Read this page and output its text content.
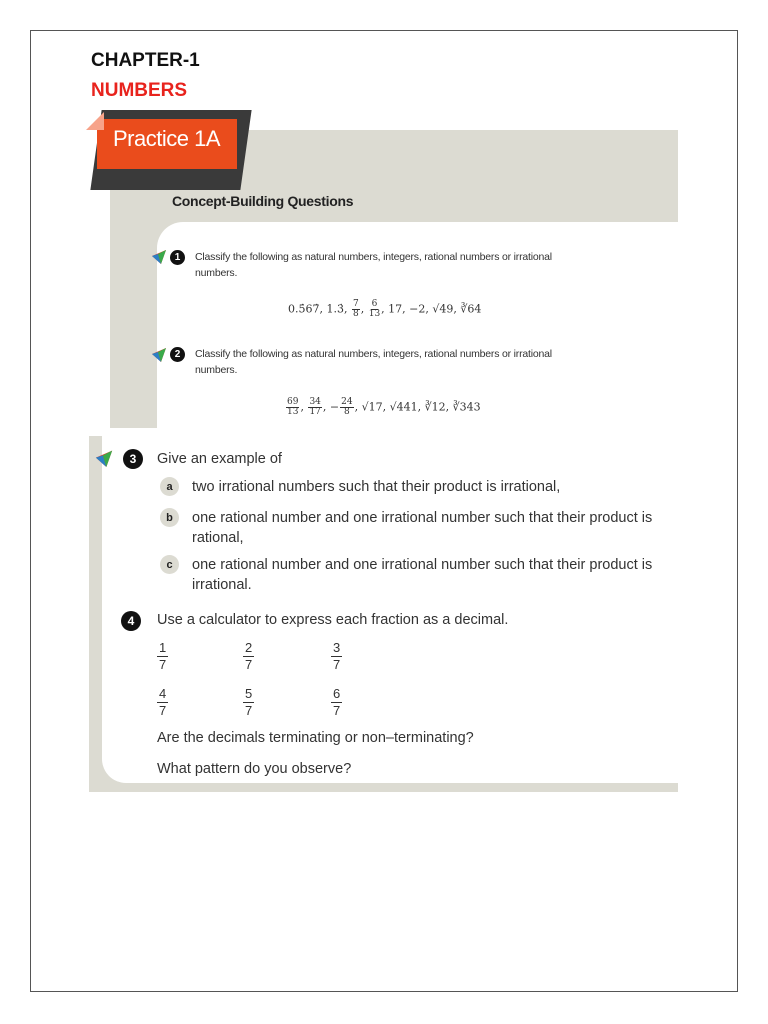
CHAPTER-1
NUMBERS
Practice 1A
Concept-Building Questions
1	Classify the following as natural numbers, integers, rational numbers or irrational numbers.
0.5̇67̇, 1.3̇, $\frac{7}{8}$ , $\frac{6}{13}$ , 17, −2, √49, ∛64
2	Classify the following as natural numbers, integers, rational numbers or irrational numbers.
$\frac{69}{13}$ , $\frac{34}{17}$ , − $\frac{24}{8}$ , √17, √441, ∛12, ∛343
3	Give an example of
a	two irrational numbers such that their product is irrational,
b	one rational number and one irrational number such that their product is rational,
c	one rational number and one irrational number such that their product is irrational.
4	Use a calculator to express each fraction as a decimal.
$\frac{1}{7}$	$\frac{2}{7}$	$\frac{3}{7}$
$\frac{4}{7}$	$\frac{5}{7}$	$\frac{6}{7}$
Are the decimals terminating or non–terminating?
What pattern do you observe?
